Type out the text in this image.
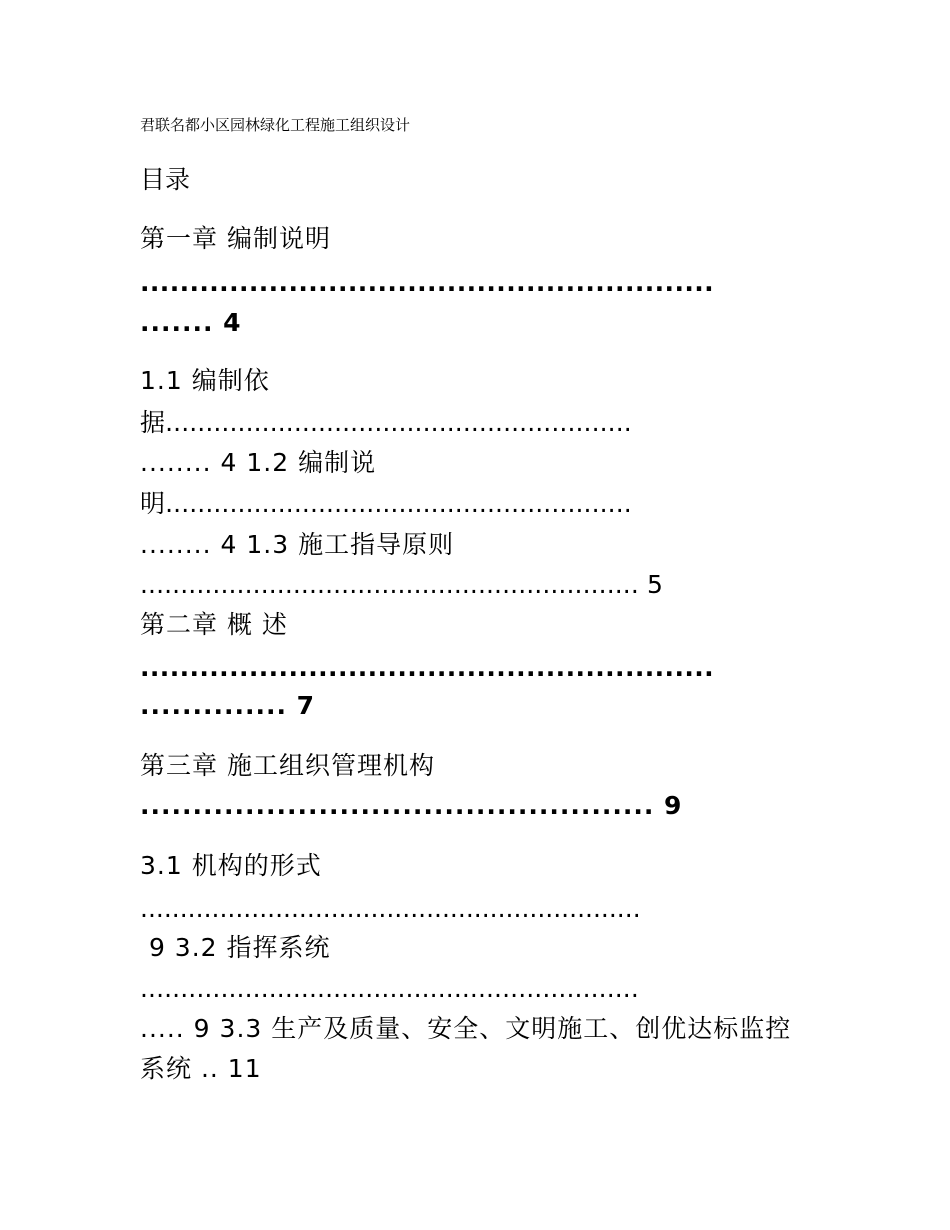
君联名都小区园林绿化工程施工组织设计
目录
第一章 编制说明
..........................................................
....... 4
1.1 编制依
据..........................................................
........ 4 1.2 编制说
明..........................................................
........ 4 1.3 施工指导原则
.............................................................. 5
第二章 概 述
..........................................................
.............. 7
第三章 施工组织管理机构
................................................. 9
3.1 机构的形式
...............................................................
9 3.2 指挥系统
..............................................................
..... 9 3.3 生产及质量、安全、文明施工、创优达标监控
系统 .. 11
